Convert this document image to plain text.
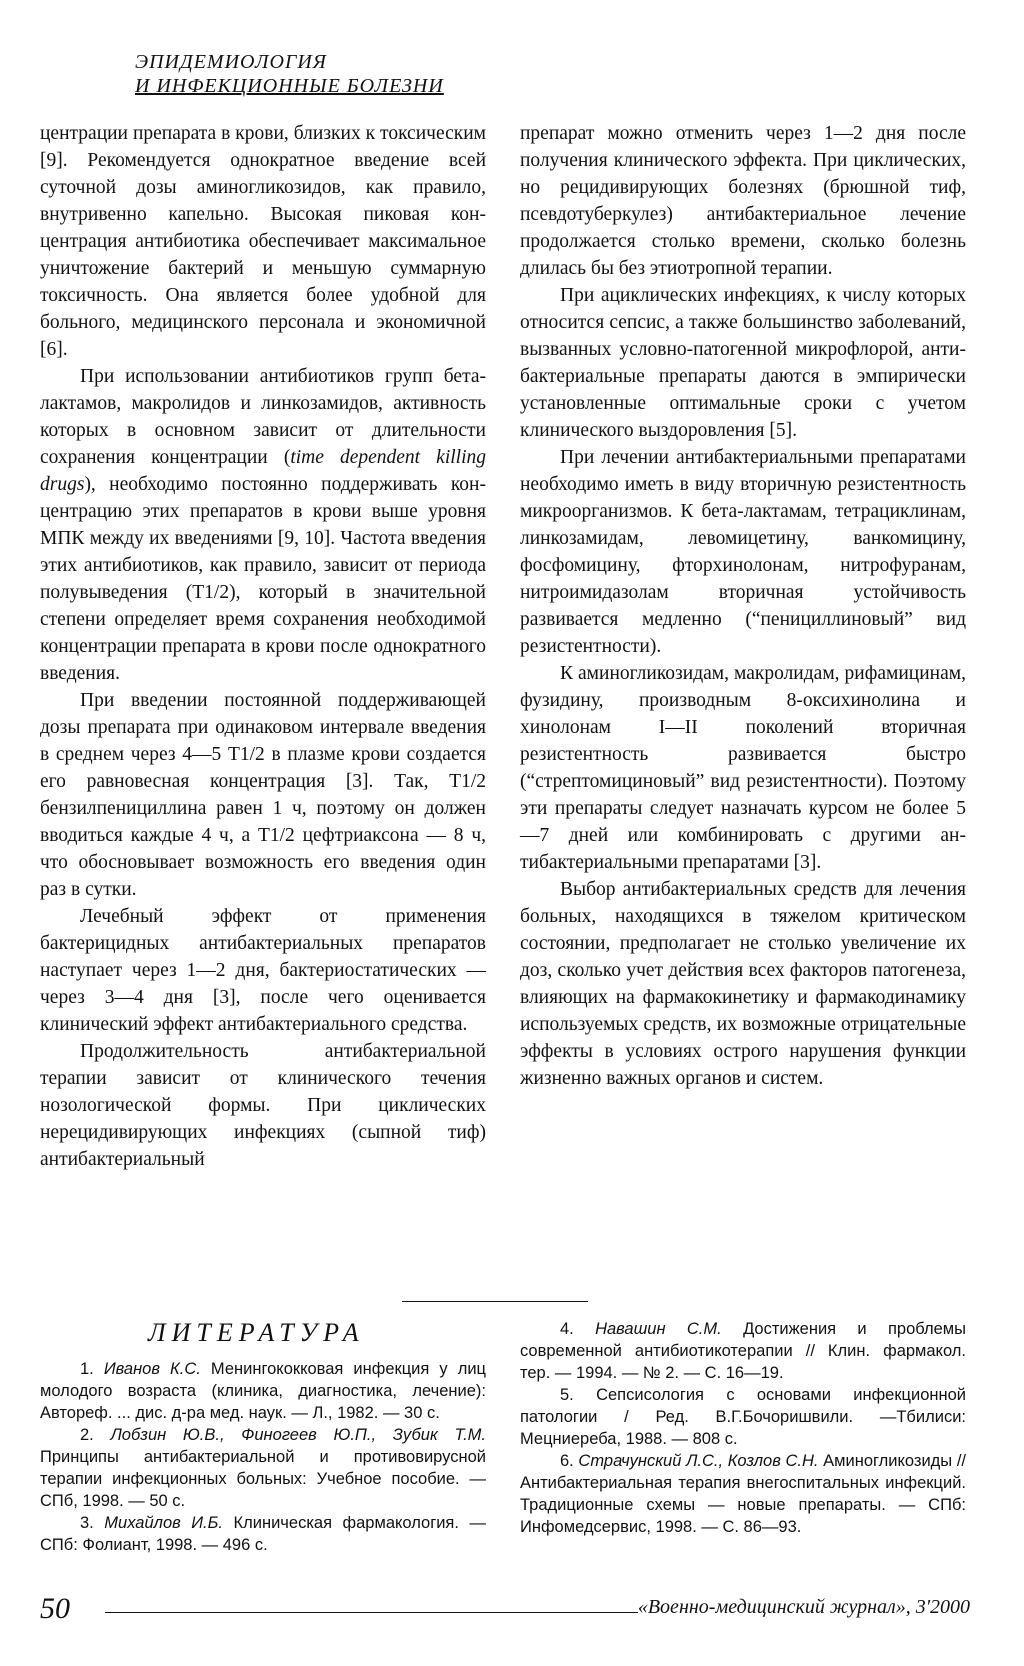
ЭПИДЕМИОЛОГИЯ
И ИНФЕКЦИОННЫЕ БОЛЕЗНИ

центрации препарата в крови, близких к токсическим [9]. Рекомендуется однократное введение всей суточной дозы аминогликозидов, как правило, внутривенно капельно. Высокая пиковая концентрация антибиотика обеспечивает максимальное уничтожение бактерий и меньшую суммарную токсичность. Она является более удобной для больного, медицинского персонала и экономичной [6].

При использовании антибиотиков групп бета-лактамов, макролидов и линкозамидов, активность которых в основном зависит от длительности сохранения концентрации (time dependent killing drugs), необходимо постоянно поддерживать концентрацию этих препаратов в крови выше уровня МПК между их введениями [9, 10]. Частота введения этих антибиотиков, как правило, зависит от периода полувыведения (Т1/2), который в значительной степени определяет время сохранения необходимой концентрации препарата в крови после однократного введения.

При введении постоянной поддерживающей дозы препарата при одинаковом интервале введения в среднем через 4—5 Т1/2 в плазме крови создается его равновесная концентрация [3]. Так, Т1/2 бензилпенициллина равен 1 ч, поэтому он должен вводиться каждые 4 ч, а Т1/2 цефтриаксона — 8 ч, что обосновывает возможность его введения один раз в сутки.

Лечебный эффект от применения бактерицидных антибактериальных препаратов наступает через 1—2 дня, бактериостатических — через 3—4 дня [3], после чего оценивается клинический эффект антибактериального средства.

Продолжительность антибактериальной терапии зависит от клинического течения нозологической формы. При циклических нерецидивирующих инфекциях (сыпной тиф) антибактериальный

препарат можно отменить через 1—2 дня после получения клинического эффекта. При циклических, но рецидивирующих болезнях (брюшной тиф, псевдотуберкулез) антибактериальное лечение продолжается столько времени, сколько болезнь длилась бы без этиотропной терапии.

При ациклических инфекциях, к числу которых относится сепсис, а также большинство заболеваний, вызванных условно-патогенной микрофлорой, антибактериальные препараты даются в эмпирически установленные оптимальные сроки с учетом клинического выздоровления [5].

При лечении антибактериальными препаратами необходимо иметь в виду вторичную резистентность микроорганизмов. К бета-лактамам, тетрациклинам, линкозамидам, левомицетину, ванкомицину, фосфомицину, фторхинолонам, нитрофуранам, нитроимидазолам вторичная устойчивость развивается медленно (“пенициллиновый” вид резистентности).

К аминогликозидам, макролидам, рифамицинам, фузидину, производным 8-оксихинолина и хинолонам I—II поколений вторичная резистентность развивается быстро (“стрептомициновый” вид резистентности). Поэтому эти препараты следует назначать курсом не более 5—7 дней или комбинировать с другими антибактериальными препаратами [3].

Выбор антибактериальных средств для лечения больных, находящихся в тяжелом критическом состоянии, предполагает не столько увеличение их доз, сколько учет действия всех факторов патогенеза, влияющих на фармакокинетику и фармакодинамику используемых средств, их возможные отрицательные эффекты в условиях острого нарушения функции жизненно важных органов и систем.

ЛИТЕРАТУРА

1. Иванов К.С. Менингококковая инфекция у лиц молодого возраста (клиника, диагностика, лечение): Автореф. ... дис. д-ра мед. наук. — Л., 1982. — 30 с.

2. Лобзин Ю.В., Финогеев Ю.П., Зубик Т.М. Принципы антибактериальной и противовирусной терапии инфекционных больных: Учебное пособие. — СПб, 1998. — 50 с.

3. Михайлов И.Б. Клиническая фармакология. — СПб: Фолиант, 1998. — 496 с.

4. Навашин С.М. Достижения и проблемы современной антибиотикотерапии // Клин. фармакол. тер. — 1994. — № 2. — С. 16—19.

5. Сепсисология с основами инфекционной патологии / Ред. В.Г.Бочоришвили. —Тбилиси: Мецниереба, 1988. — 808 с.

6. Страчунский Л.С., Козлов С.Н. Аминогликозиды // Антибактериальная терапия внегоспитальных инфекций. Традиционные схемы — новые препараты. — СПб: Инфомедсервис, 1998. — С. 86—93.

50	«Военно-медицинский журнал», 3'2000
